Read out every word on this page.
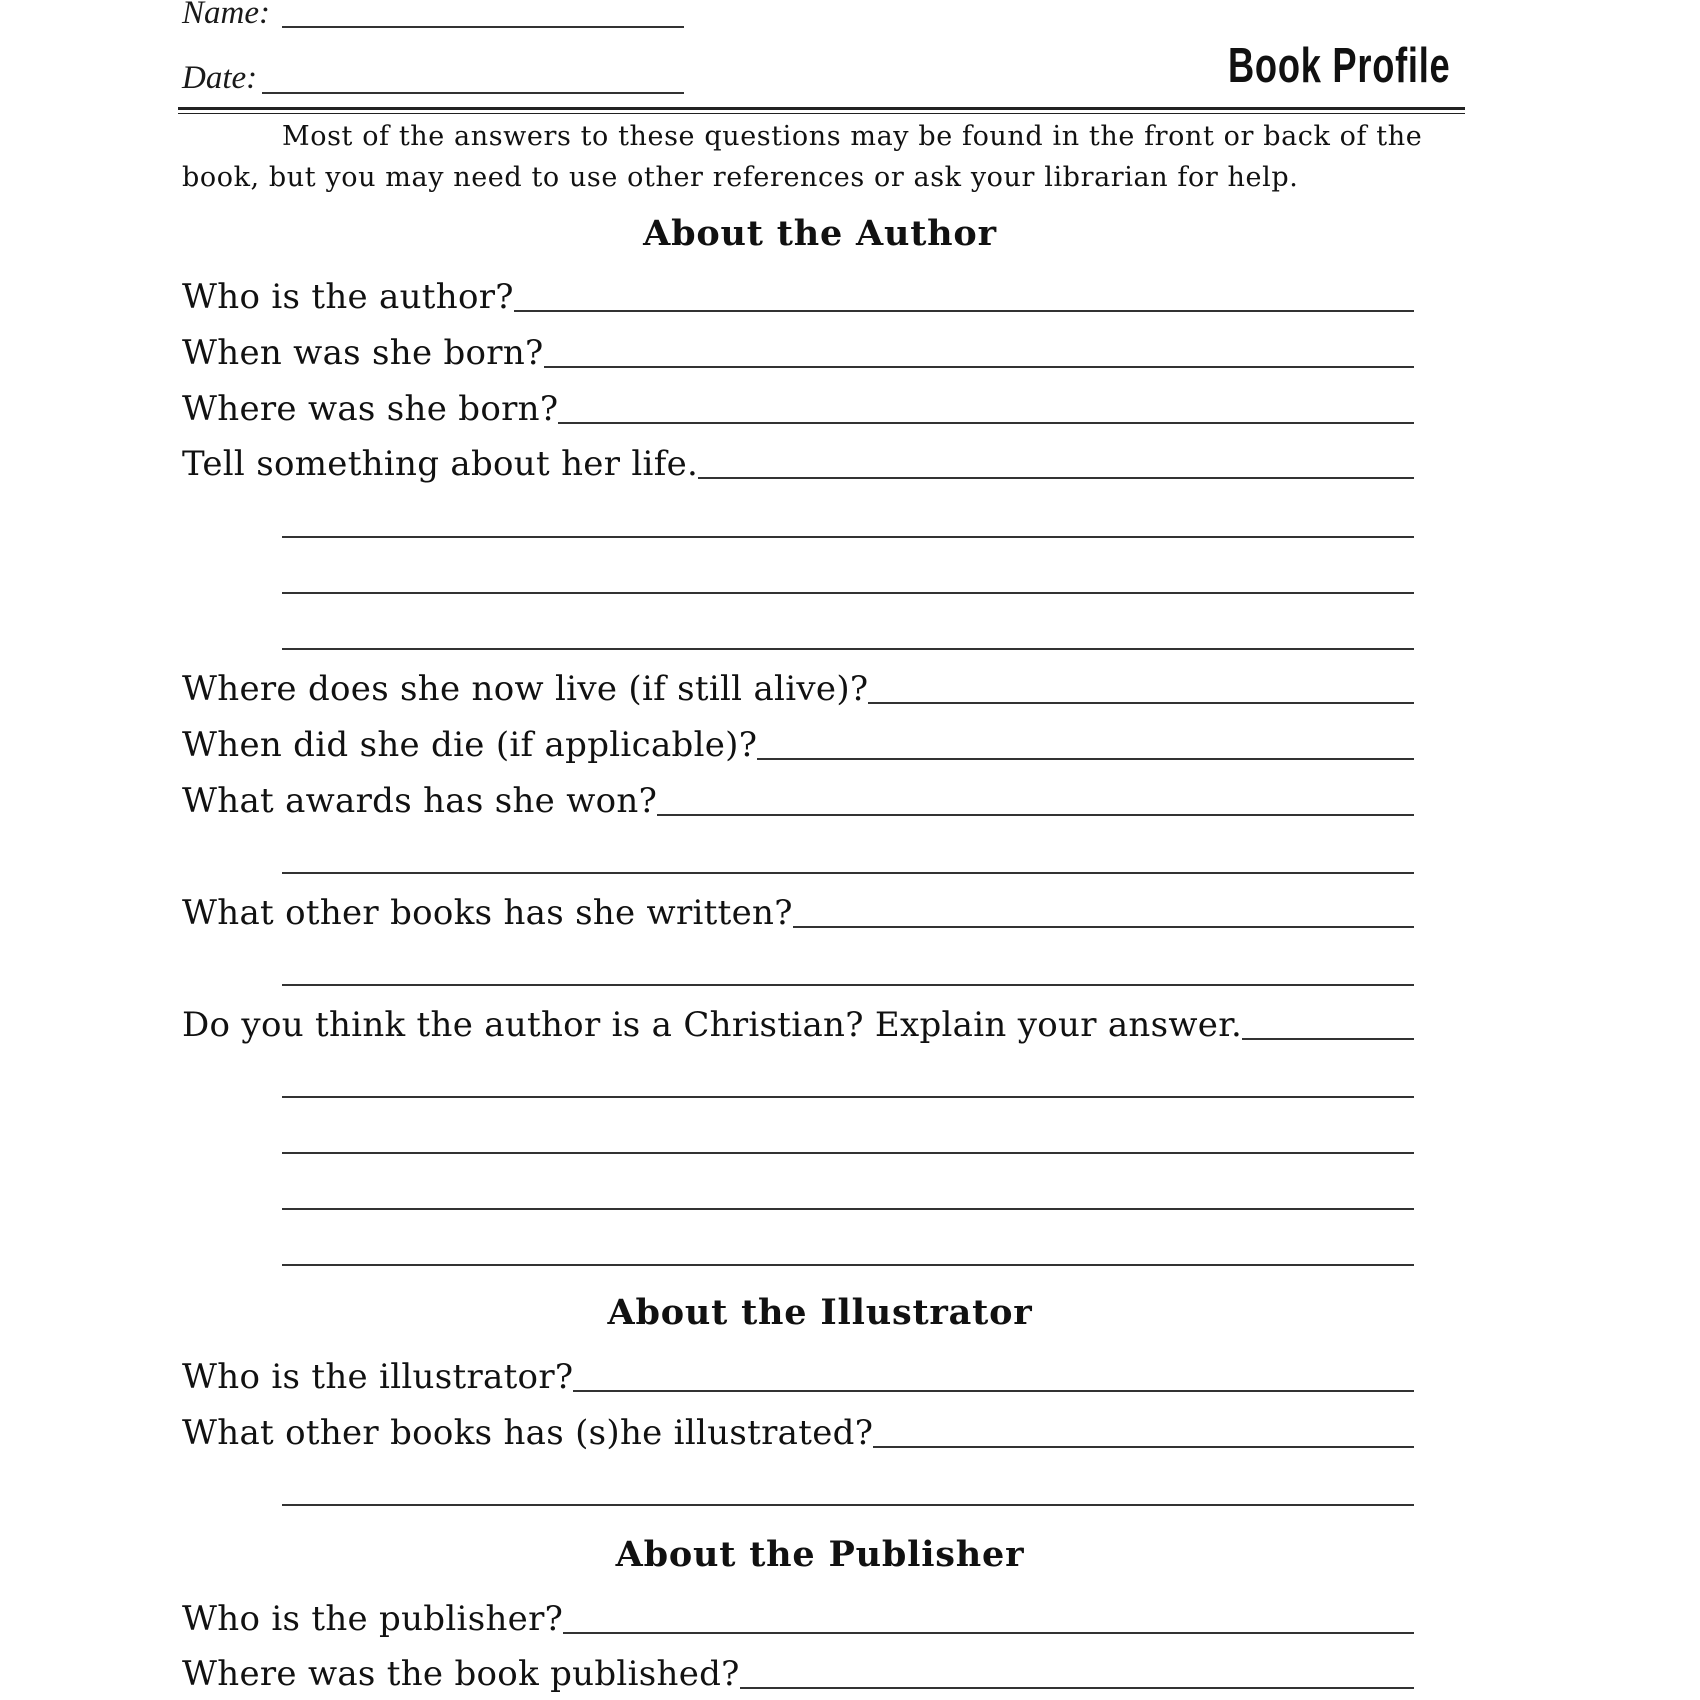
Name:
Date:	Book Profile
Most of the answers to these questions may be found in the front or back of the book, but you may need to use other references or ask your librarian for help.
About the Author
Who is the author?
When was she born?
Where was she born?
Tell something about her life.
Where does she now live (if still alive)?
When did she die (if applicable)?
What awards has she won?
What other books has she written?
Do you think the author is a Christian? Explain your answer.
About the Illustrator
Who is the illustrator?
What other books has (s)he illustrated?
About the Publisher
Who is the publisher?
Where was the book published?
